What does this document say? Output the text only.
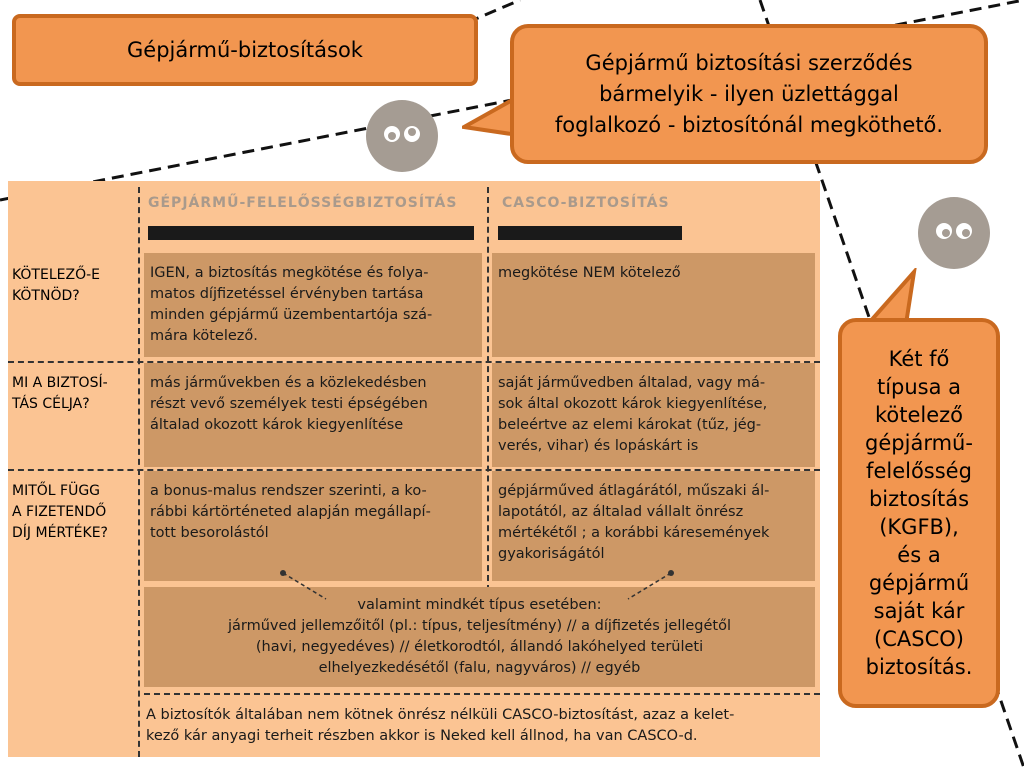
Gépjármű-biztosítások
Gépjármű biztosítási szerződés
bármelyik - ilyen üzlettággal
foglalkozó - biztosítónál megköthető.
Két fő
típusa a
kötelező
gépjármű-
felelősség
biztosítás
(KGFB),
és a
gépjármű
saját kár
(CASCO)
biztosítás.
GÉPJÁRMŰ-FELELŐSSÉGBIZTOSÍTÁS	CASCO-BIZTOSÍTÁS
KÖTELEZŐ-E
KÖTNÖD?
IGEN, a biztosítás megkötése és folya-
matos díjfizetéssel érvényben tartása
minden gépjármű üzembentartója szá-
mára kötelező.
megkötése NEM kötelező
MI A BIZTOSÍ-
TÁS CÉLJA?
más járművekben és a közlekedésben
részt vevő személyek testi épségében
általad okozott károk kiegyenlítése
saját járművedben általad, vagy má-
sok által okozott károk kiegyenlítése,
beleértve az elemi károkat (tűz, jég-
verés, vihar) és lopáskárt is
MITŐL FÜGG
A FIZETENDŐ
DÍJ MÉRTÉKE?
a bonus-malus rendszer szerinti, a ko-
rábbi kártörténeted alapján megállapí-
tott besorolástól
gépjárműved átlagárától, műszaki ál-
lapotától, az általad vállalt önrész
mértékétől ; a korábbi káresemények
gyakoriságától
valamint mindkét típus esetében:
járműved jellemzőitől (pl.: típus, teljesítmény) // a díjfizetés jellegétől
(havi, negyedéves) // életkorodtól, állandó lakóhelyed területi
elhelyezkedésétől (falu, nagyváros) // egyéb
A biztosítók általában nem kötnek önrész nélküli CASCO-biztosítást, azaz a kelet-
kező kár anyagi terheit részben akkor is Neked kell állnod, ha van CASCO-d.
